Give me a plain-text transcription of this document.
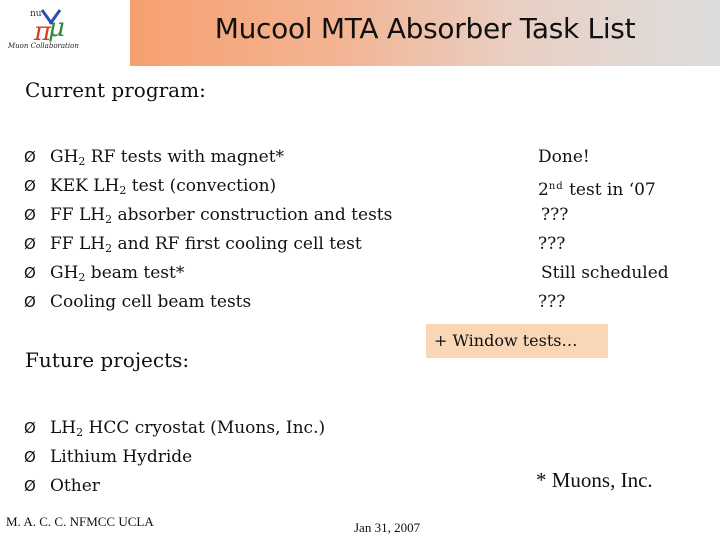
nu
π
μ
Muon Collaboration
Mucool MTA Absorber Task List
Current program:
Ø $GH_2$ RF tests with magnet*
Ø KEK $LH_2$ test (convection)
Ø FF $LH_2$ absorber construction and tests
Ø FF $LH_2$ and RF first cooling cell test
Ø $GH_2$ beam test*
Ø Cooling cell beam tests
Done!
2nd test in ‘07
???
???
Still scheduled
???
+ Window tests…
Future projects:
Ø $LH_2$ HCC cryostat (Muons, Inc.)
Ø Lithium Hydride
Ø Other	* Muons, Inc.
M. A. C. C. NFMCC UCLA	Jan 31, 2007
